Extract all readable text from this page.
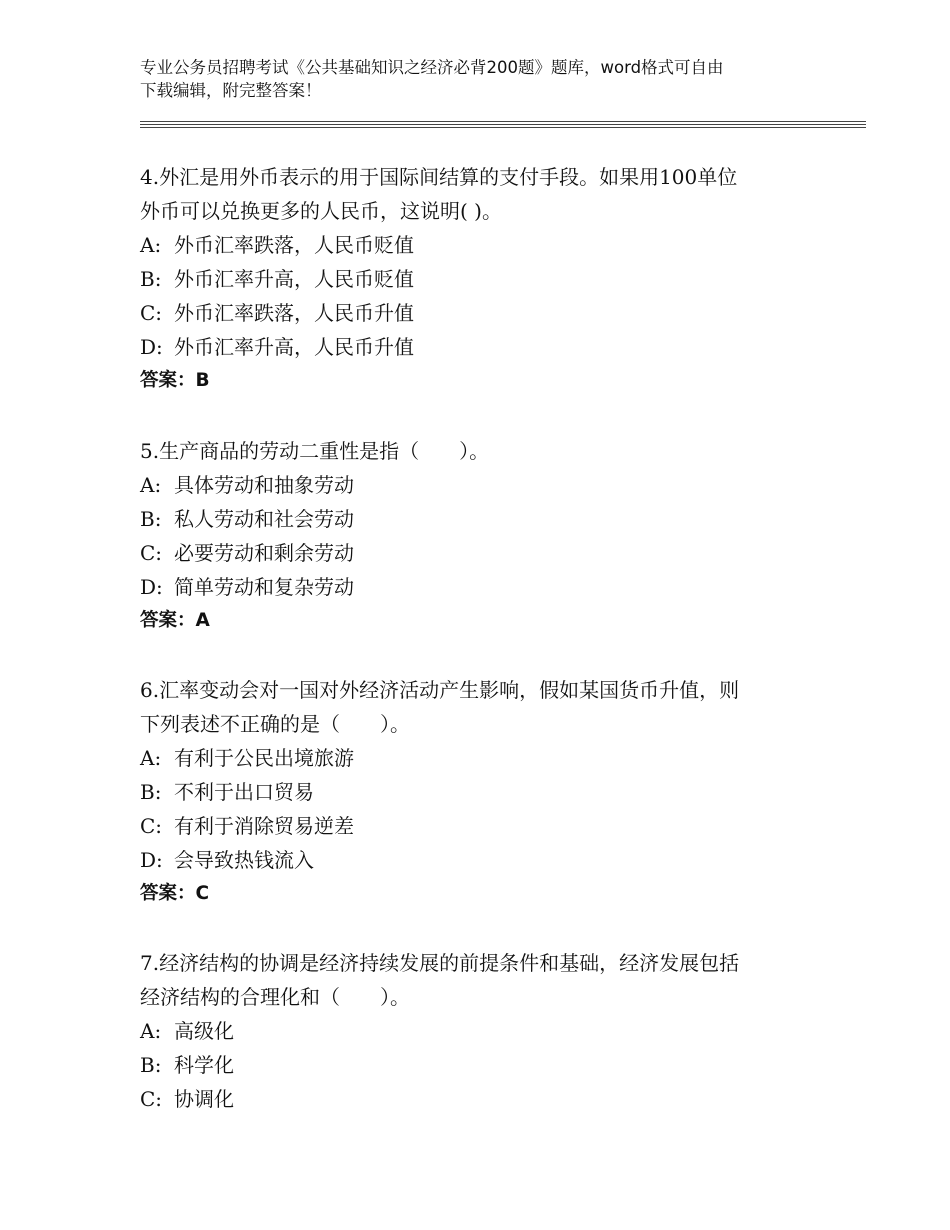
专业公务员招聘考试《公共基础知识之经济必背200题》题库，word格式可自由
下载编辑，附完整答案！
4.外汇是用外币表示的用于国际间结算的支付手段。如果用100单位
外币可以兑换更多的人民币，这说明( )。
A: 外币汇率跌落，人民币贬值
B: 外币汇率升高，人民币贬值
C: 外币汇率跌落，人民币升值
D: 外币汇率升高，人民币升值
答案：B
5.生产商品的劳动二重性是指（　　）。
A: 具体劳动和抽象劳动
B: 私人劳动和社会劳动
C: 必要劳动和剩余劳动
D: 简单劳动和复杂劳动
答案：A
6.汇率变动会对一国对外经济活动产生影响，假如某国货币升值，则
下列表述不正确的是（　　）。
A: 有利于公民出境旅游
B: 不利于出口贸易
C: 有利于消除贸易逆差
D: 会导致热钱流入
答案：C
7.经济结构的协调是经济持续发展的前提条件和基础，经济发展包括
经济结构的合理化和（　　）。
A: 高级化
B: 科学化
C: 协调化
